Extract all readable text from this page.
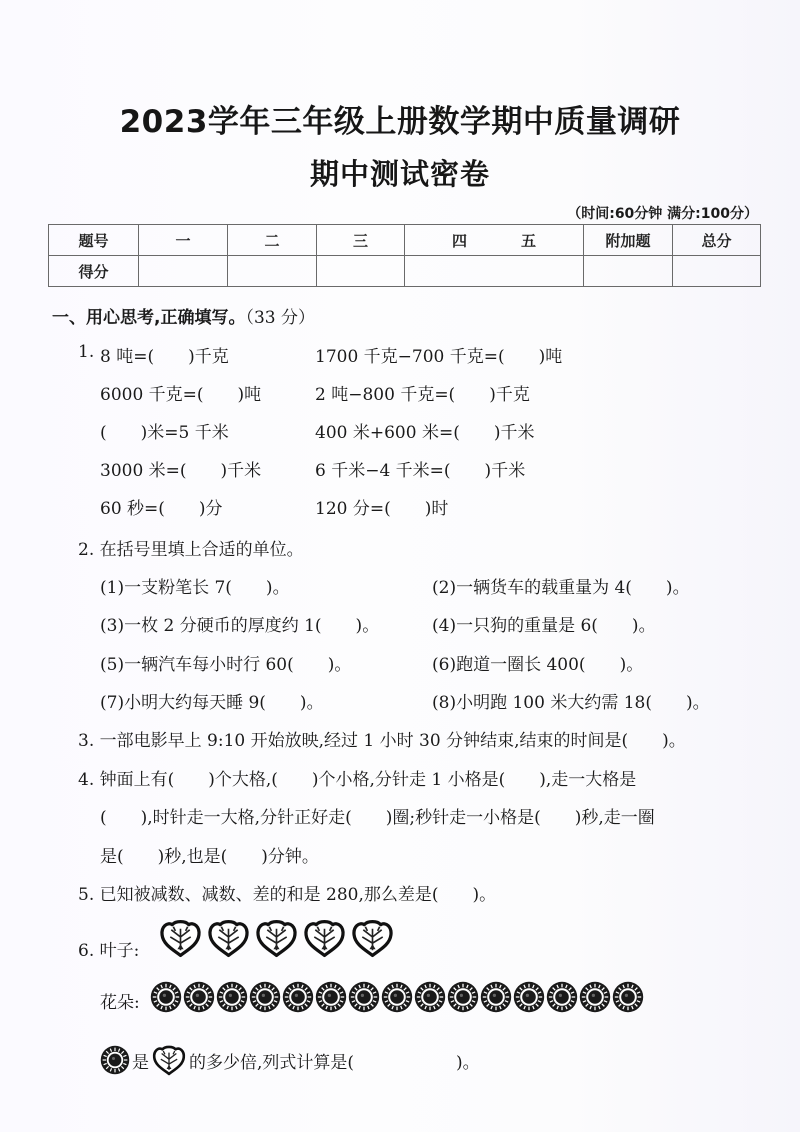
2023学年三年级上册数学期中质量调研
期中测试密卷
（时间:60分钟 满分:100分）
题号	一	二	三	四 五	附加题	总分
得分						
一、用心思考,正确填写。（33 分）
1. 8 吨=(　　)千克	1700 千克−700 千克=(　　)吨
6000 千克=(　　)吨	2 吨−800 千克=(　　)千克
(　　)米=5 千米	400 米+600 米=(　　)千米
3000 米=(　　)千米	6 千米−4 千米=(　　)千米
60 秒=(　　)分	120 分=(　　)时
2. 在括号里填上合适的单位。
(1)一支粉笔长 7(　　)。	(2)一辆货车的载重量为 4(　　)。
(3)一枚 2 分硬币的厚度约 1(　　)。	(4)一只狗的重量是 6(　　)。
(5)一辆汽车每小时行 60(　　)。	(6)跑道一圈长 400(　　)。
(7)小明大约每天睡 9(　　)。	(8)小明跑 100 米大约需 18(　　)。
3. 一部电影早上 9:10 开始放映,经过 1 小时 30 分钟结束,结束的时间是(　　)。
4. 钟面上有(　　)个大格,(　　)个小格,分针走 1 小格是(　　),走一大格是
(　　),时针走一大格,分针正好走(　　)圈;秒针走一小格是(　　)秒,走一圈
是(　　)秒,也是(　　)分钟。
5. 已知被减数、减数、差的和是 280,那么差是(　　)。
6. 叶子:
花朵:
是 的多少倍,列式计算是(　　　　　　)。
